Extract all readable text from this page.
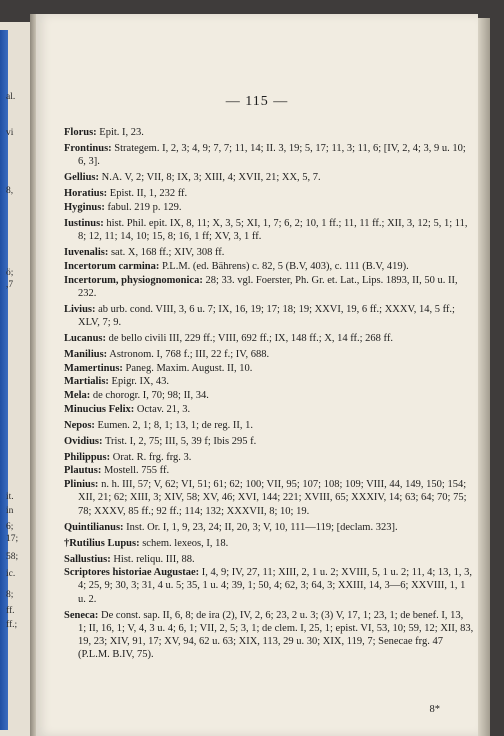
al.
vi
8,
ö;
,7
it.
in
6;
17;
58;
ic.
8;
ff.
ff.;
— 115 —

Florus: Epit. I, 23.

Frontinus: Strategem. I, 2, 3; 4, 9; 7, 7; 11, 14; II. 3, 19; 5, 17; 11, 3; 11, 6; [IV, 2, 4; 3, 9 u. 10; 6, 3].

Gellius: N.A. V, 2; VII, 8; IX, 3; XIII, 4; XVII, 21; XX, 5, 7.

Horatius: Epist. II, 1, 232 ff.

Hyginus: fabul. 219 p. 129.

Iustinus: hist. Phil. epit. IX, 8, 11; X, 3, 5; XI, 1, 7; 6, 2; 10, 1 ff.; 11, 11 ff.; XII, 3, 12; 5, 1; 11, 8; 12, 11; 14, 10; 15, 8; 16, 1 ff; XV, 3, 1 ff.

Iuvenalis: sat. X, 168 ff.; XIV, 308 ff.

Incertorum carmina: P.L.M. (ed. Bährens) c. 82, 5 (B.V, 403), c. 111 (B.V, 419).

Incertorum, physiognomonica: 28; 33. vgl. Foerster, Ph. Gr. et. Lat., Lips. 1893, II, 50 u. II, 232.

Livius: ab urb. cond. VIII, 3, 6 u. 7; IX, 16, 19; 17; 18; 19; XXVI, 19, 6 ff.; XXXV, 14, 5 ff.; XLV, 7; 9.

Lucanus: de bello civili III, 229 ff.; VIII, 692 ff.; IX, 148 ff.; X, 14 ff.; 268 ff.

Manilius: Astronom. I, 768 f.; III, 22 f.; IV, 688.

Mamertinus: Paneg. Maxim. August. II, 10.

Martialis: Epigr. IX, 43.

Mela: de chorogr. I, 70; 98; II, 34.

Minucius Felix: Octav. 21, 3.

Nepos: Eumen. 2, 1; 8, 1; 13, 1; de reg. II, 1.

Ovidius: Trist. I, 2, 75; III, 5, 39 f; Ibis 295 f.

Philippus: Orat. R. frg. frg. 3.

Plautus: Mostell. 755 ff.

Plinius: n. h. III, 57; V, 62; VI, 51; 61; 62; 100; VII, 95; 107; 108; 109; VIII, 44, 149, 150; 154; XII, 21; 62; XIII, 3; XIV, 58; XV, 46; XVI, 144; 221; XVIII, 65; XXXIV, 14; 63; 64; 70; 75; 78; XXXV, 85 ff.; 92 ff.; 114; 132; XXXVII, 8; 10; 19.

Quintilianus: Inst. Or. I, 1, 9, 23, 24; II, 20, 3; V, 10, 111—119; [declam. 323].

†Rutilius Lupus: schem. lexeos, I, 18.

Sallustius: Hist. reliqu. III, 88.

Scriptores historiae Augustae: I, 4, 9; IV, 27, 11; XIII, 2, 1 u. 2; XVIII, 5, 1 u. 2; 11, 4; 13, 1, 3, 4; 25, 9; 30, 3; 31, 4 u. 5; 35, 1 u. 4; 39, 1; 50, 4; 62, 3; 64, 3; XXIII, 14, 3—6; XXVIII, 1, 1 u. 2.

Seneca: De const. sap. II, 6, 8; de ira (2), IV, 2, 6; 23, 2 u. 3; (3) V, 17, 1; 23, 1; de benef. I, 13, 1; II, 16, 1; V, 4, 3 u. 4; 6, 1; VII, 2, 5; 3, 1; de clem. I, 25, 1; epist. VI, 53, 10; 59, 12; XII, 83, 19, 23; XIV, 91, 17; XV, 94, 62 u. 63; XIX, 113, 29 u. 30; XIX, 119, 7; Senecae frg. 47 (P.L.M. B.IV, 75).

8*
